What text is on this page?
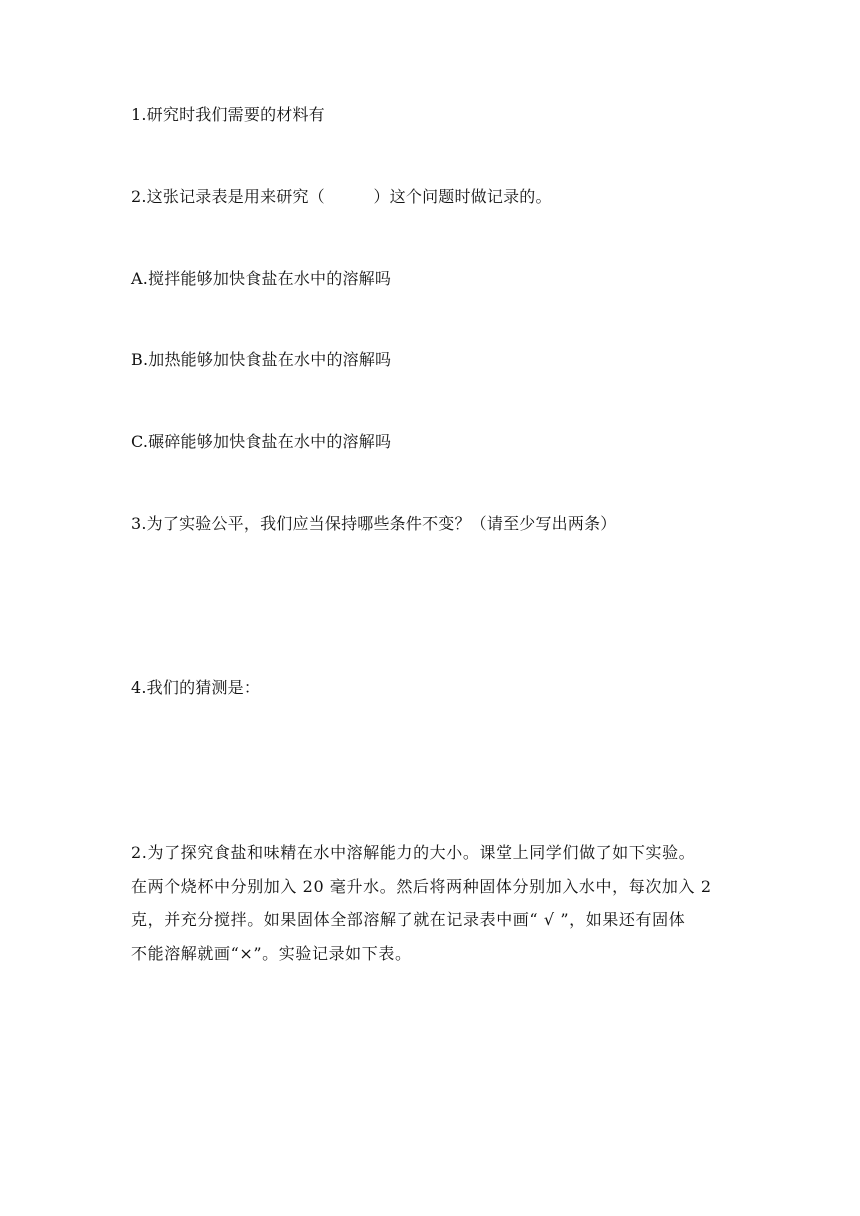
1.研究时我们需要的材料有
2.这张记录表是用来研究（　　　）这个问题时做记录的。
A.搅拌能够加快食盐在水中的溶解吗
B.加热能够加快食盐在水中的溶解吗
C.碾碎能够加快食盐在水中的溶解吗
3.为了实验公平，我们应当保持哪些条件不变？（请至少写出两条）
4.我们的猜测是：
2.为了探究食盐和味精在水中溶解能力的大小。课堂上同学们做了如下实验。
在两个烧杯中分别加入 20 毫升水。然后将两种固体分别加入水中，每次加入 2
克，并充分搅拌。如果固体全部溶解了就在记录表中画“ √ ”，如果还有固体
不能溶解就画“×”。实验记录如下表。
